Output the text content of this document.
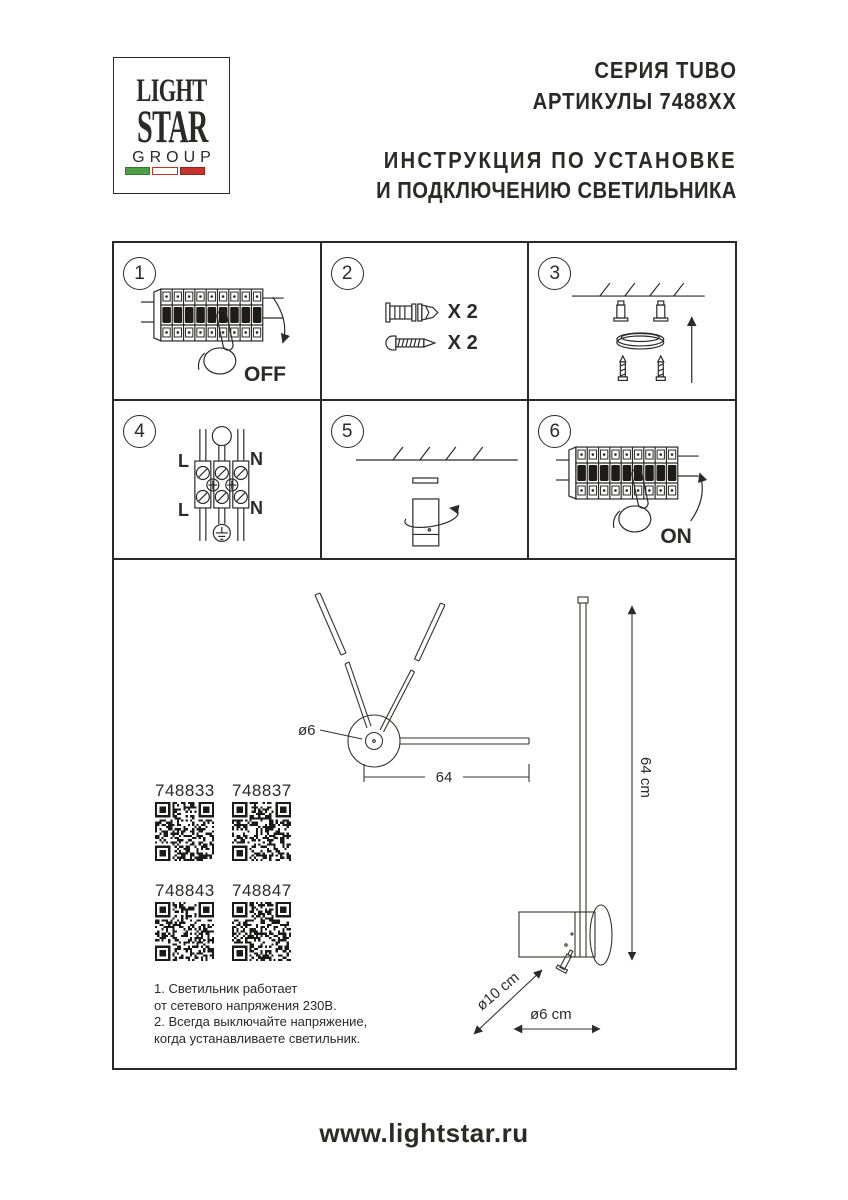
LIGHT
STAR
GROUP
СЕРИЯ TUBO
АРТИКУЛЫ 7488XX
ИНСТРУКЦИЯ ПО УСТАНОВКЕ
И ПОДКЛЮЧЕНИЮ СВЕТИЛЬНИКА
1
OFF
2
X 2
X 2
3
4
L	N
L	N
5	6
ON
ø6
64	64 cm
ø10 cm
ø6 cm
748833 748837
748843 748847
1. Светильник работает
от сетевого напряжения 230В.
2. Всегда выключайте напряжение,
когда устанавливаете светильник.
www.lightstar.ru
